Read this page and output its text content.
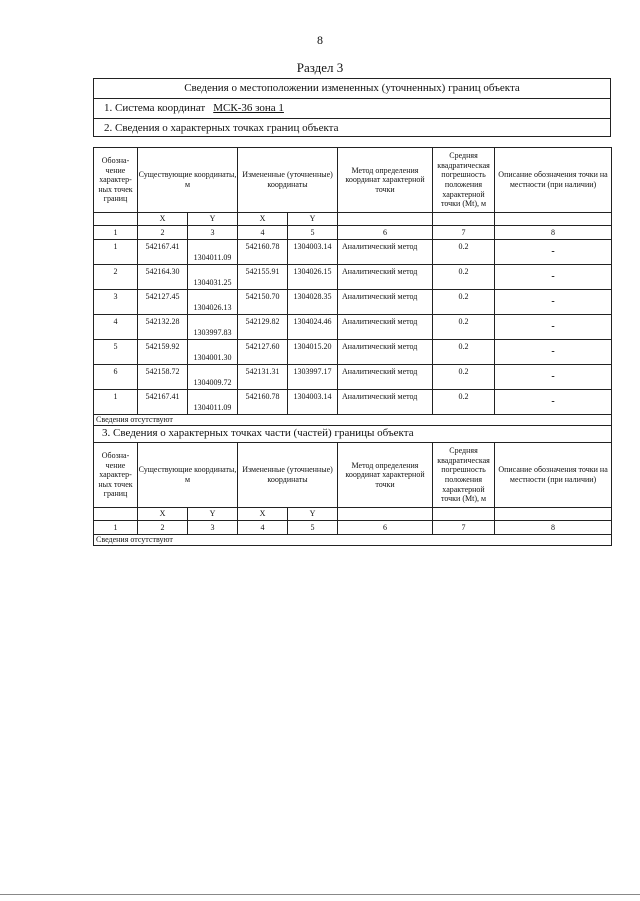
8
Раздел 3
Сведения о местоположении измененных (уточненных) границ объекта
1. Система координат МСК-36 зона 1
2. Сведения о характерных точках границ объекта
Обозна-чение характер-ных точек границ	Существующие координаты, м		Измененные (уточненные) координаты		Метод определения координат характерной точки	Средняя квадратическая погрешность положения характерной точки (Mt), м	Описание обозначения точки на местности (при наличии)
	X	Y	X	Y			
1	2	3	4	5	6	7	8
1	542167.41	1304011.09	542160.78	1304003.14	Аналитический метод	0.2	-
2	542164.30	1304031.25	542155.91	1304026.15	Аналитический метод	0.2	-
3	542127.45	1304026.13	542150.70	1304028.35	Аналитический метод	0.2	-
4	542132.28	1303997.83	542129.82	1304024.46	Аналитический метод	0.2	-
5	542159.92	1304001.30	542127.60	1304015.20	Аналитический метод	0.2	-
6	542158.72	1304009.72	542131.31	1303997.17	Аналитический метод	0.2	-
1	542167.41	1304011.09	542160.78	1304003.14	Аналитический метод	0.2	-
Сведения отсутствуют							
3. Сведения о характерных точках части (частей) границы объекта							
Обозна-чение характер-ных точек границ	Существующие координаты, м		Измененные (уточненные) координаты		Метод определения координат характерной точки	Средняя квадратическая погрешность положения характерной точки (Mt), м	Описание обозначения точки на местности (при наличии)
	X	Y	X	Y			
1	2	3	4	5	6	7	8
Сведения отсутствуют							
